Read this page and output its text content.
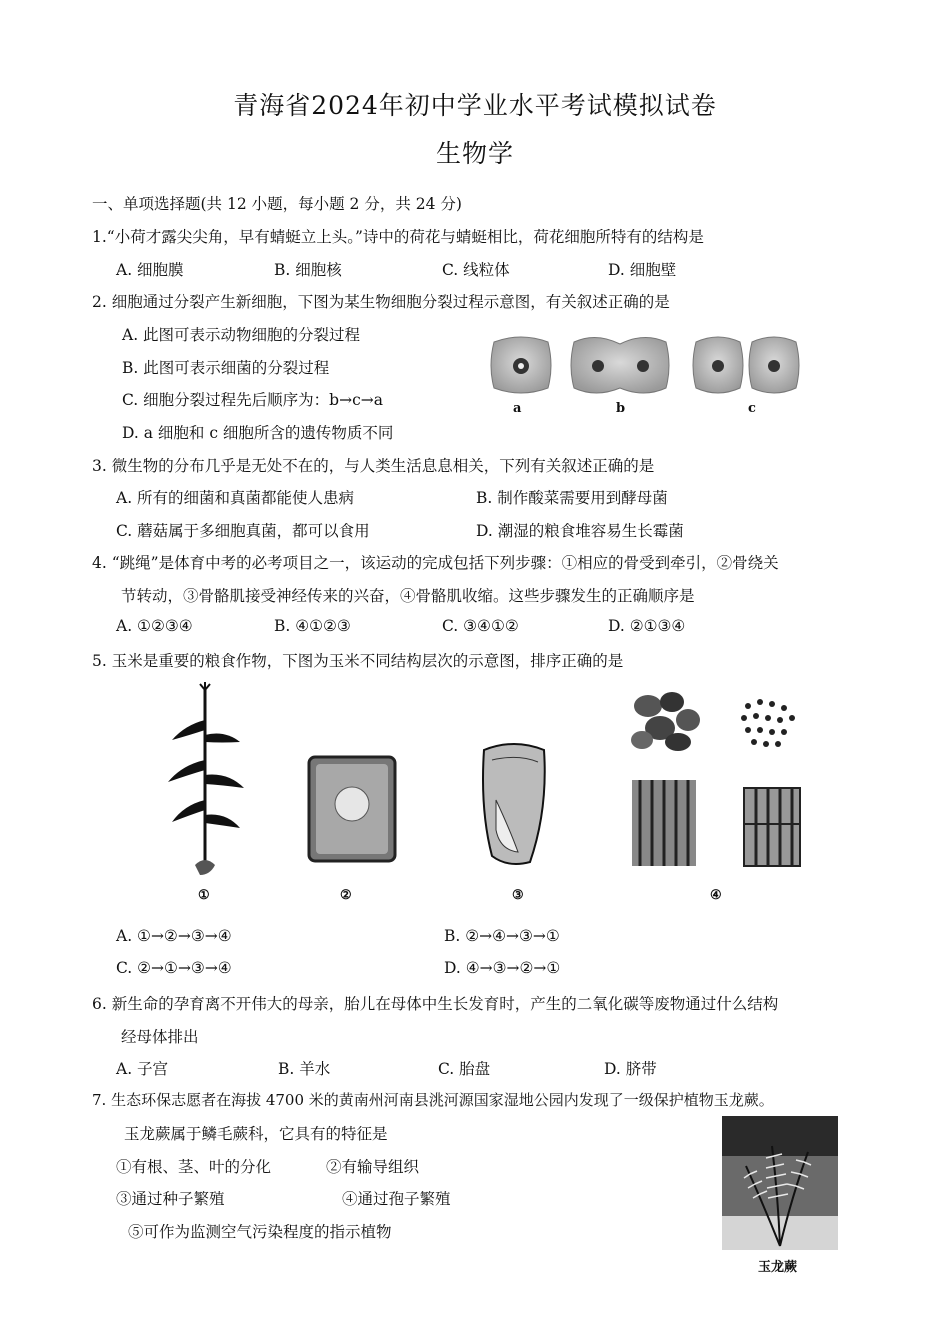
青海省2024年初中学业水平考试模拟试卷
生物学
一、单项选择题(共 12 小题，每小题 2 分，共 24 分)
1.“小荷才露尖尖角，早有蜻蜓立上头。”诗中的荷花与蜻蜓相比，荷花细胞所特有的结构是
A. 细胞膜	B. 细胞核	C. 线粒体	D. 细胞壁
2. 细胞通过分裂产生新细胞，下图为某生物细胞分裂过程示意图，有关叙述正确的是
A. 此图可表示动物细胞的分裂过程
B. 此图可表示细菌的分裂过程
C. 细胞分裂过程先后顺序为：b→c→a
D. a 细胞和 c 细胞所含的遗传物质不同
a	b	c
3. 微生物的分布几乎是无处不在的，与人类生活息息相关，下列有关叙述正确的是
A. 所有的细菌和真菌都能使人患病	B. 制作酸菜需要用到酵母菌
C. 蘑菇属于多细胞真菌，都可以食用	D. 潮湿的粮食堆容易生长霉菌
4. “跳绳”是体育中考的必考项目之一，该运动的完成包括下列步骤：①相应的骨受到牵引，②骨绕关
节转动，③骨骼肌接受神经传来的兴奋，④骨骼肌收缩。这些步骤发生的正确顺序是
A. ①②③④	B. ④①②③	C. ③④①②	D. ②①③④
5. 玉米是重要的粮食作物，下图为玉米不同结构层次的示意图，排序正确的是
①	②	③	④
A. ①→②→③→④	B. ②→④→③→①
C. ②→①→③→④	D. ④→③→②→①
6. 新生命的孕育离不开伟大的母亲，胎儿在母体中生长发育时，产生的二氧化碳等废物通过什么结构
经母体排出
A. 子宫	B. 羊水	C. 胎盘	D. 脐带
7. 生态环保志愿者在海拔 4700 米的黄南州河南县洮河源国家湿地公园内发现了一级保护植物玉龙蕨。
玉龙蕨属于鳞毛蕨科，它具有的特征是
①有根、茎、叶的分化	②有输导组织
③通过种子繁殖	④通过孢子繁殖
⑤可作为监测空气污染程度的指示植物
玉龙蕨
